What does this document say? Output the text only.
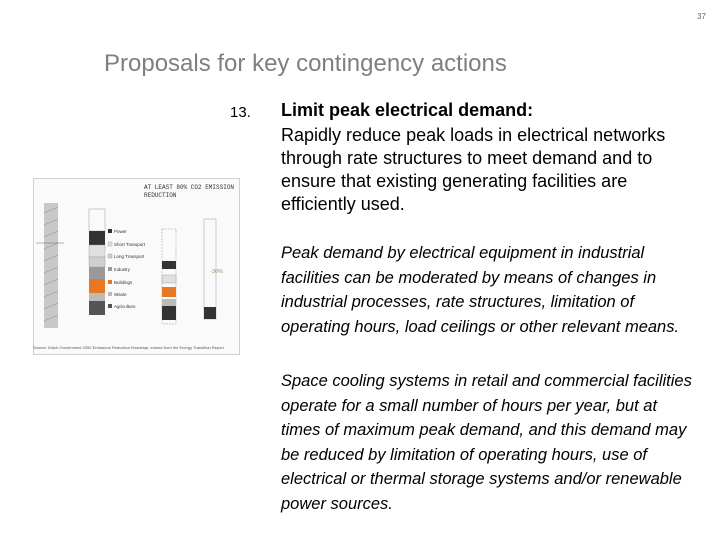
37
Proposals for key contingency actions
13. Limit peak electrical demand:
Rapidly reduce peak loads in electrical networks through rate structures to meet demand and to ensure that existing generating facilities are efficiently used.

Peak demand by electrical equipment in industrial facilities can be moderated by means of changes in industrial processes, rate structures, limitation of operating hours, load ceilings or other relevant means.

Space cooling systems in retail and commercial facilities operate for a small number of hours per year, but at times of maximum peak demand, and this demand may be reduced by limitation of operating hours, use of electrical or thermal storage systems and/or renewable power sources.

AT LEAST 80% CO2 EMISSION
REDUCTION
Power
Short Transport
Long Transport
Industry
Buildings
Waste
Agriculture
-30%
Source: Dutch Government 2050 Emissions Reduction Roadmap; extract from the Energy Transition Report
